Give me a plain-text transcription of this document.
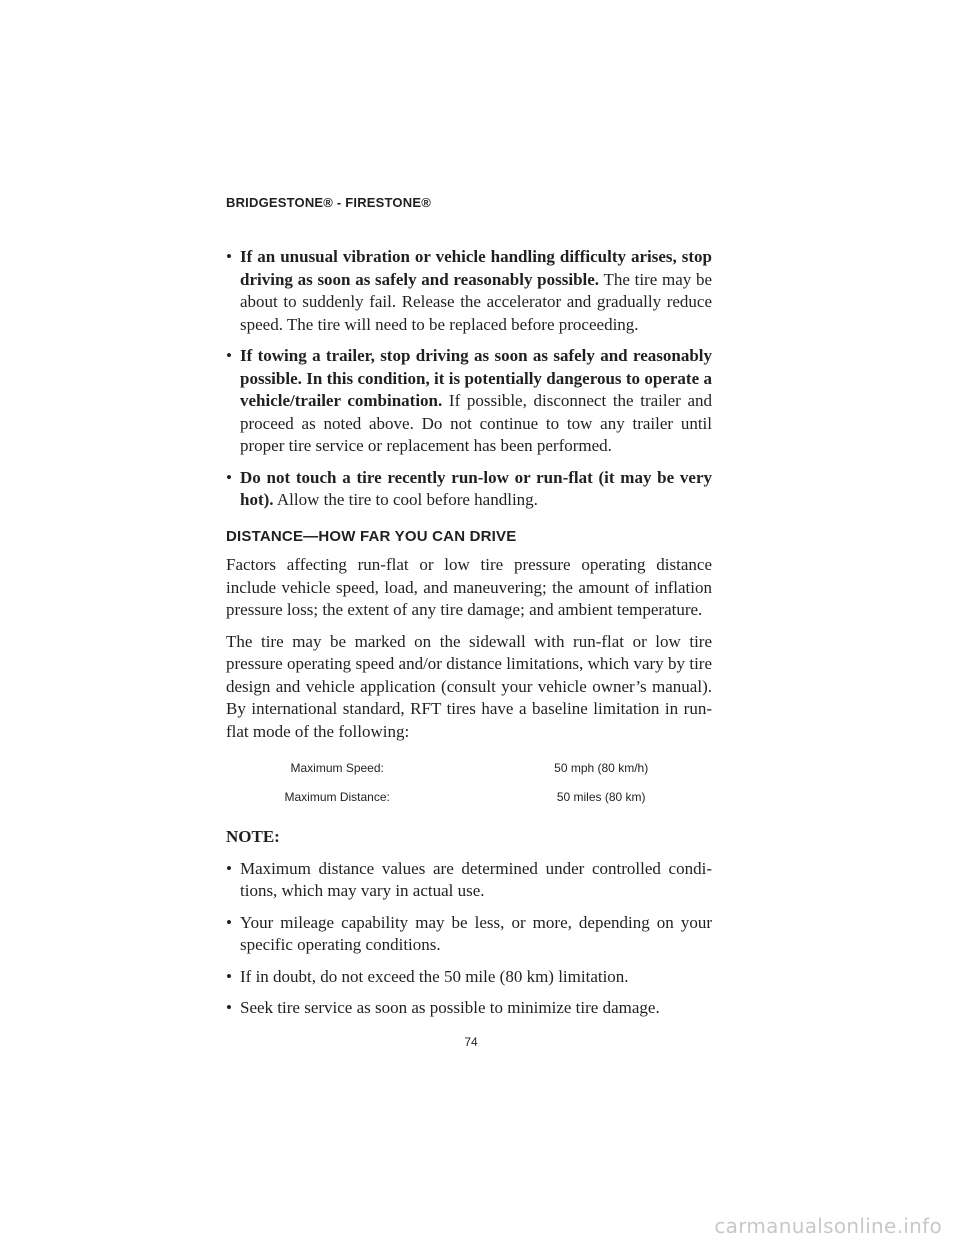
BRIDGESTONE® - FIRESTONE®
• If an unusual vibration or vehicle handling difficulty arises, stop driving as soon as safely and reasonably possible. The tire may be about to suddenly fail. Release the accelerator and gradually reduce speed. The tire will need to be replaced before proceeding.
• If towing a trailer, stop driving as soon as safely and reasonably possible. In this condition, it is potentially dangerous to operate a vehicle/trailer combination. If possible, disconnect the trailer and proceed as noted above. Do not continue to tow any trailer until proper tire service or replacement has been performed.
• Do not touch a tire recently run-low or run-flat (it may be very hot). Allow the tire to cool before handling.
DISTANCE—HOW FAR YOU CAN DRIVE

Factors affecting run-flat or low tire pressure operating distance include vehicle speed, load, and maneuvering; the amount of inflation pressure loss; the extent of any tire damage; and ambient temperature.

The tire may be marked on the sidewall with run-flat or low tire pressure operating speed and/or distance limitations, which vary by tire design and vehicle application (consult your vehicle owner’s manual). By international standard, RFT tires have a baseline limitation in run-flat mode of the following:

Maximum Speed:	50 mph (80 km/h)
Maximum Distance:	50 miles (80 km)
NOTE:
• Maximum distance values are determined under controlled condi-tions, which may vary in actual use.
• Your mileage capability may be less, or more, depending on your specific operating conditions.
• If in doubt, do not exceed the 50 mile (80 km) limitation.
• Seek tire service as soon as possible to minimize tire damage.
74
carmanualsonline.info
